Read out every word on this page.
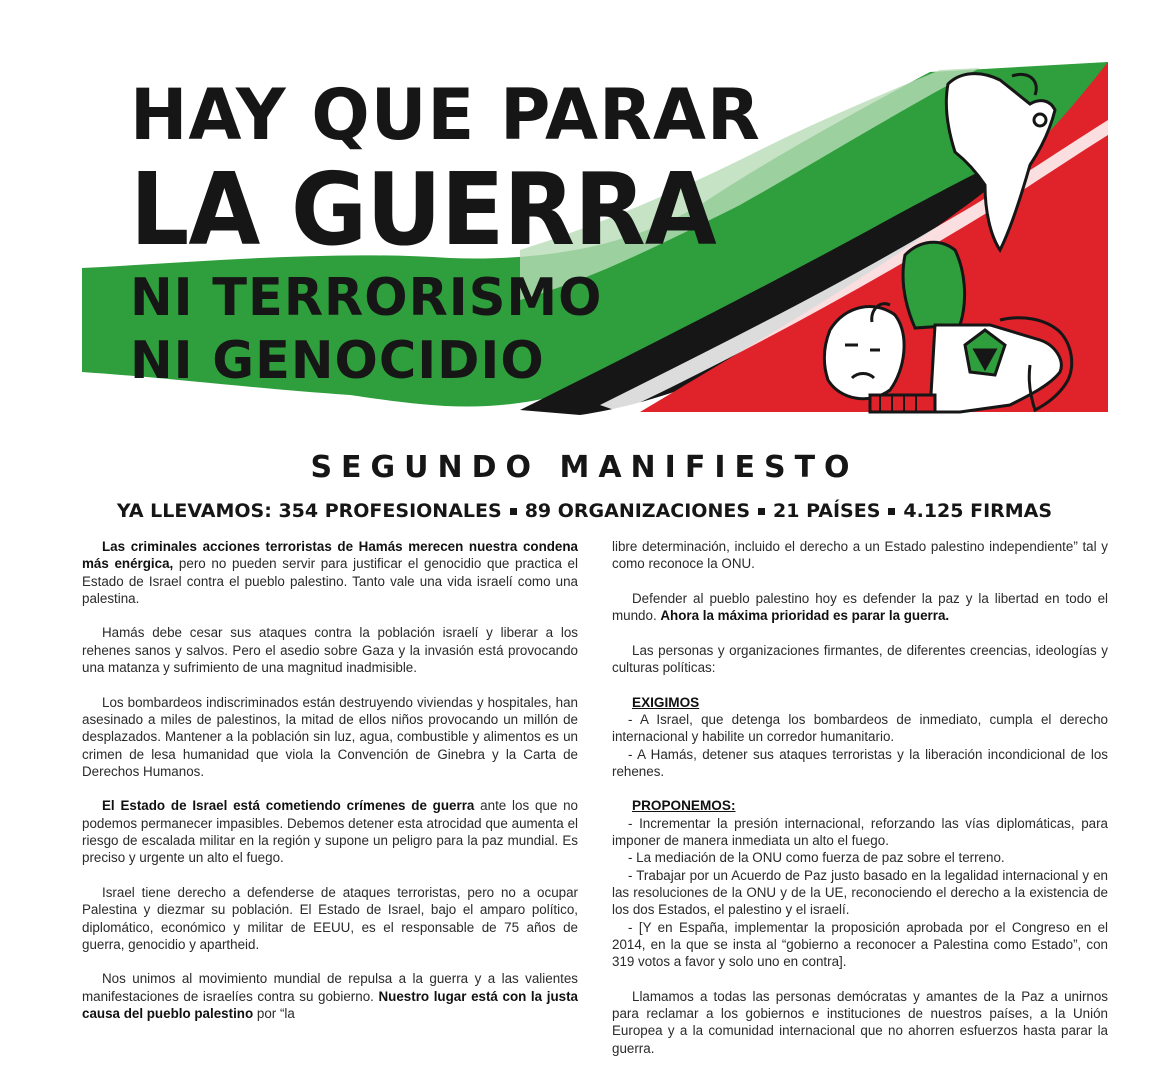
HAY QUE PARAR
LA GUERRA
NI TERRORISMO
NI GENOCIDIO
SEGUNDO MANIFIESTO
YA LLEVAMOS: 354 PROFESIONALES 89 ORGANIZACIONES 21 PAÍSES 4.125 FIRMAS

Las criminales acciones terroristas de Hamás merecen nuestra condena más enérgica, pero no pueden servir para justificar el genocidio que practica el Estado de Israel contra el pueblo palestino. Tanto vale una vida israelí como una palestina.

Hamás debe cesar sus ataques contra la población israelí y liberar a los rehenes sanos y salvos. Pero el asedio sobre Gaza y la invasión está provocando una matanza y sufrimiento de una magnitud inadmisible.

Los bombardeos indiscriminados están destruyendo viviendas y hospitales, han asesinado a miles de palestinos, la mitad de ellos niños provocando un millón de desplazados. Mantener a la población sin luz, agua, combustible y alimentos es un crimen de lesa humanidad que viola la Convención de Ginebra y la Carta de Derechos Humanos.

El Estado de Israel está cometiendo crímenes de guerra ante los que no podemos permanecer impasibles. Debemos detener esta atrocidad que aumenta el riesgo de escalada militar en la región y supone un peligro para la paz mundial. Es preciso y urgente un alto el fuego.

Israel tiene derecho a defenderse de ataques terroristas, pero no a ocupar Palestina y diezmar su población. El Estado de Israel, bajo el amparo político, diplomático, económico y militar de EEUU, es el responsable de 75 años de guerra, genocidio y apartheid.

Nos unimos al movimiento mundial de repulsa a la guerra y a las valientes manifestaciones de israelíes contra su gobierno. Nuestro lugar está con la justa causa del pueblo palestino por “la

libre determinación, incluido el derecho a un Estado palestino independiente” tal y como reconoce la ONU.

Defender al pueblo palestino hoy es defender la paz y la libertad en todo el mundo. Ahora la máxima prioridad es parar la guerra.

Las personas y organizaciones firmantes, de diferentes creencias, ideologías y culturas políticas:

EXIGIMOS

- A Israel, que detenga los bombardeos de inmediato, cumpla el derecho internacional y habilite un corredor humanitario.

- A Hamás, detener sus ataques terroristas y la liberación incondicional de los rehenes.

PROPONEMOS:

- Incrementar la presión internacional, reforzando las vías diplomáticas, para imponer de manera inmediata un alto el fuego.

- La mediación de la ONU como fuerza de paz sobre el terreno.

- Trabajar por un Acuerdo de Paz justo basado en la legalidad internacional y en las resoluciones de la ONU y de la UE, reconociendo el derecho a la existencia de los dos Estados, el palestino y el israelí.

- [Y en España, implementar la proposición aprobada por el Congreso en el 2014, en la que se insta al “gobierno a reconocer a Palestina como Estado”, con 319 votos a favor y solo uno en contra].

Llamamos a todas las personas demócratas y amantes de la Paz a unirnos para reclamar a los gobiernos e instituciones de nuestros países, a la Unión Europea y a la comunidad internacional que no ahorren esfuerzos hasta parar la guerra.
